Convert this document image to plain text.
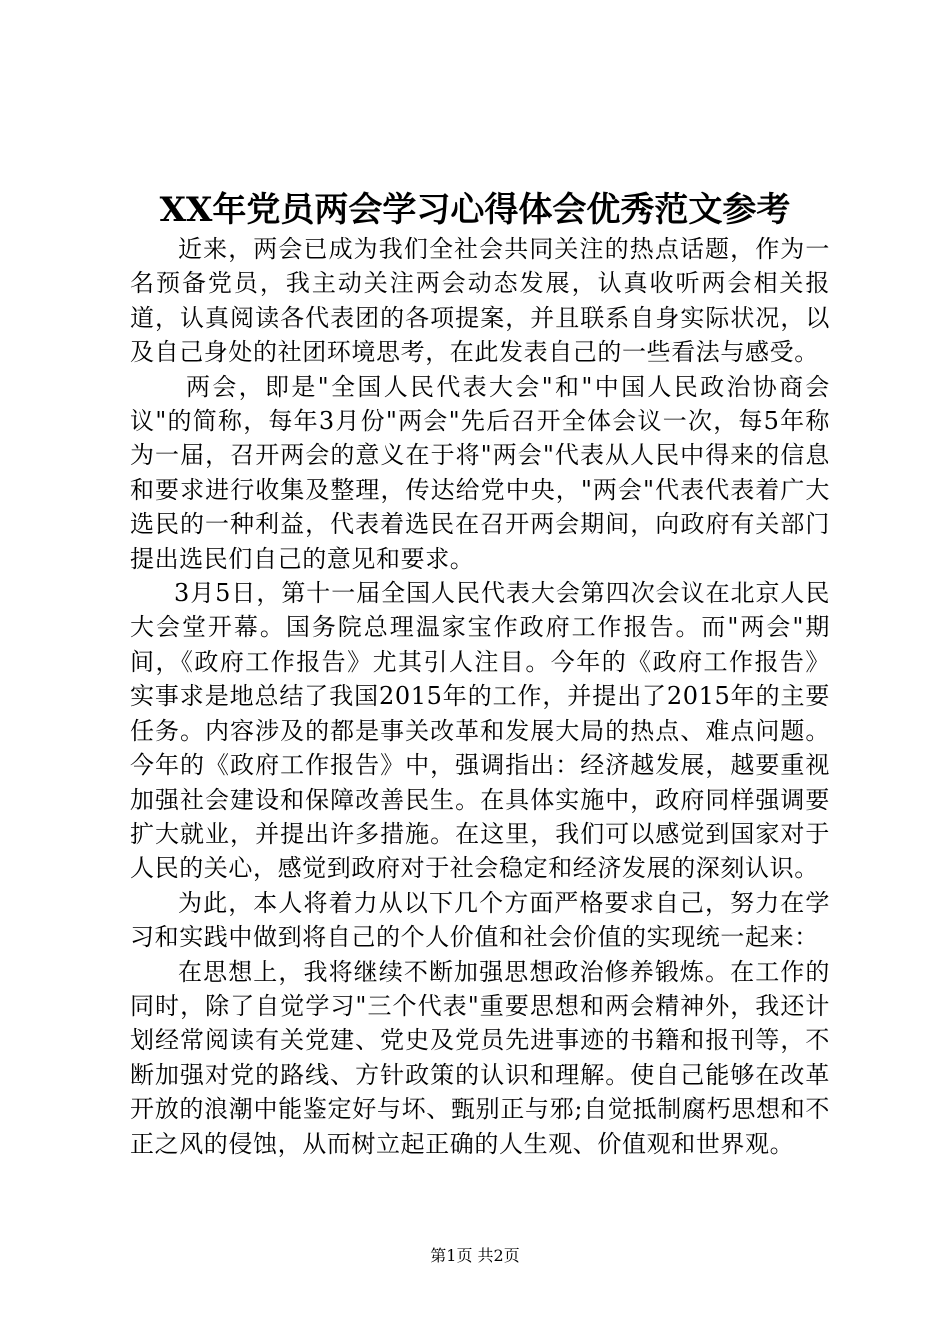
XX年党员两会学习心得体会优秀范文参考

近来，两会已成为我们全社会共同关注的热点话题，作为一名预备党员，我主动关注两会动态发展，认真收听两会相关报道，认真阅读各代表团的各项提案，并且联系自身实际状况，以及自己身处的社团环境思考，在此发表自己的一些看法与感受。

两会，即是"全国人民代表大会"和"中国人民政治协商会议"的简称，每年3月份"两会"先后召开全体会议一次，每5年称为一届，召开两会的意义在于将"两会"代表从人民中得来的信息和要求进行收集及整理，传达给党中央，"两会"代表代表着广大选民的一种利益，代表着选民在召开两会期间，向政府有关部门提出选民们自己的意见和要求。

3月5日，第十一届全国人民代表大会第四次会议在北京人民大会堂开幕。国务院总理温家宝作政府工作报告。而"两会"期间，《政府工作报告》尤其引人注目。今年的《政府工作报告》实事求是地总结了我国2015年的工作，并提出了2015年的主要任务。内容涉及的都是事关改革和发展大局的热点、难点问题。今年的《政府工作报告》中，强调指出：经济越发展，越要重视加强社会建设和保障改善民生。在具体实施中，政府同样强调要扩大就业，并提出许多措施。在这里，我们可以感觉到国家对于人民的关心，感觉到政府对于社会稳定和经济发展的深刻认识。

为此，本人将着力从以下几个方面严格要求自己，努力在学习和实践中做到将自己的个人价值和社会价值的实现统一起来：

在思想上，我将继续不断加强思想政治修养锻炼。在工作的同时，除了自觉学习"三个代表"重要思想和两会精神外，我还计划经常阅读有关党建、党史及党员先进事迹的书籍和报刊等，不断加强对党的路线、方针政策的认识和理解。使自己能够在改革开放的浪潮中能鉴定好与坏、甄别正与邪;自觉抵制腐朽思想和不正之风的侵蚀，从而树立起正确的人生观、价值观和世界观。

第1页 共2页
